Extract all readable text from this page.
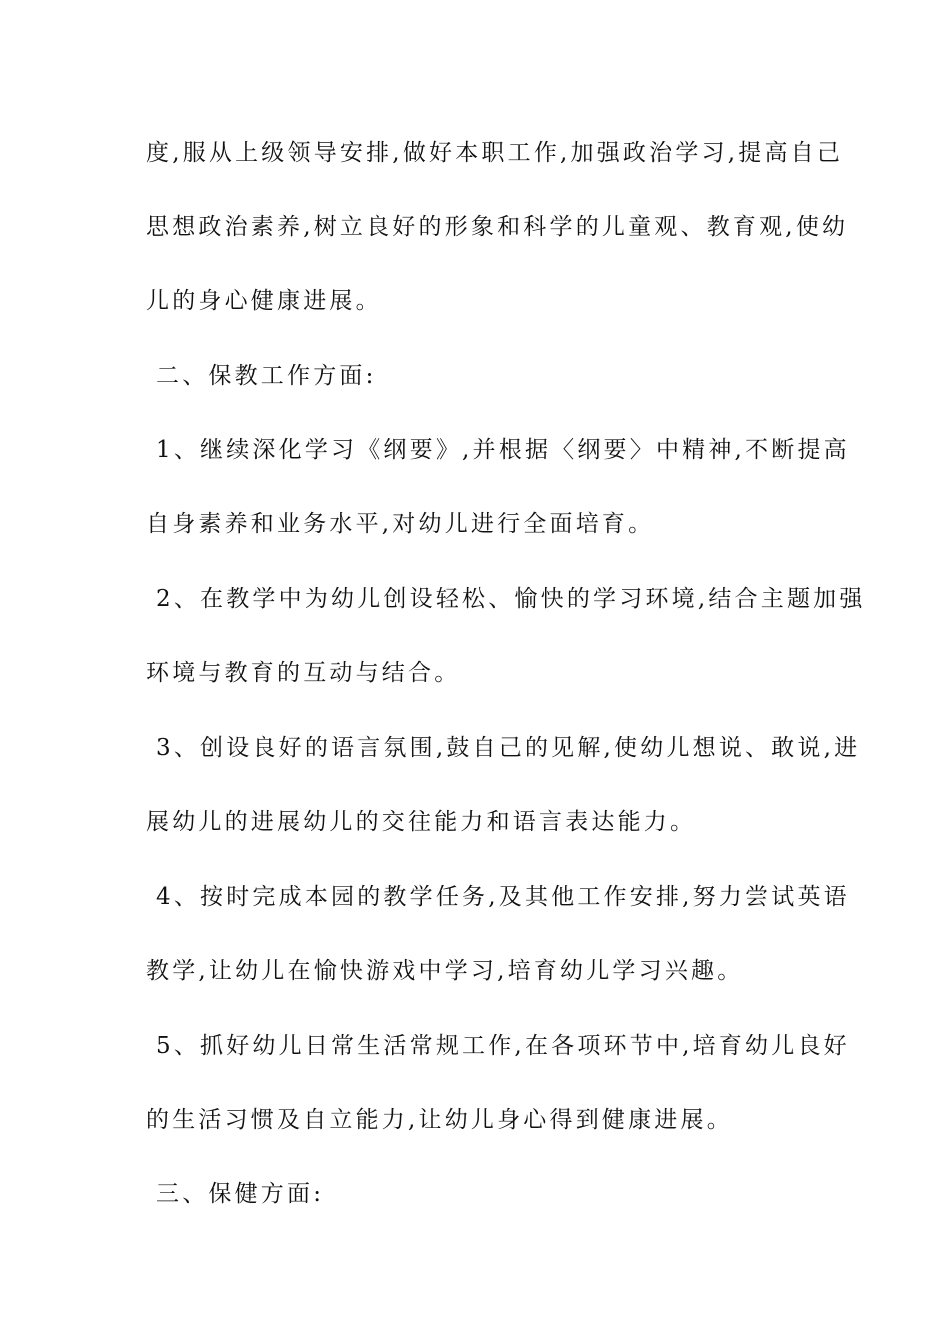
度,服从上级领导安排,做好本职工作,加强政治学习,提高自己
思想政治素养,树立良好的形象和科学的儿童观、教育观,使幼
儿的身心健康进展。
二、保教工作方面:
1、继续深化学习《纲要》,并根据〈纲要〉中精神,不断提高
自身素养和业务水平,对幼儿进行全面培育。
2、在教学中为幼儿创设轻松、愉快的学习环境,结合主题加强
环境与教育的互动与结合。
3、创设良好的语言氛围,鼓自己的见解,使幼儿想说、敢说,进
展幼儿的进展幼儿的交往能力和语言表达能力。
4、按时完成本园的教学任务,及其他工作安排,努力尝试英语
教学,让幼儿在愉快游戏中学习,培育幼儿学习兴趣。
5、抓好幼儿日常生活常规工作,在各项环节中,培育幼儿良好
的生活习惯及自立能力,让幼儿身心得到健康进展。
三、保健方面:
